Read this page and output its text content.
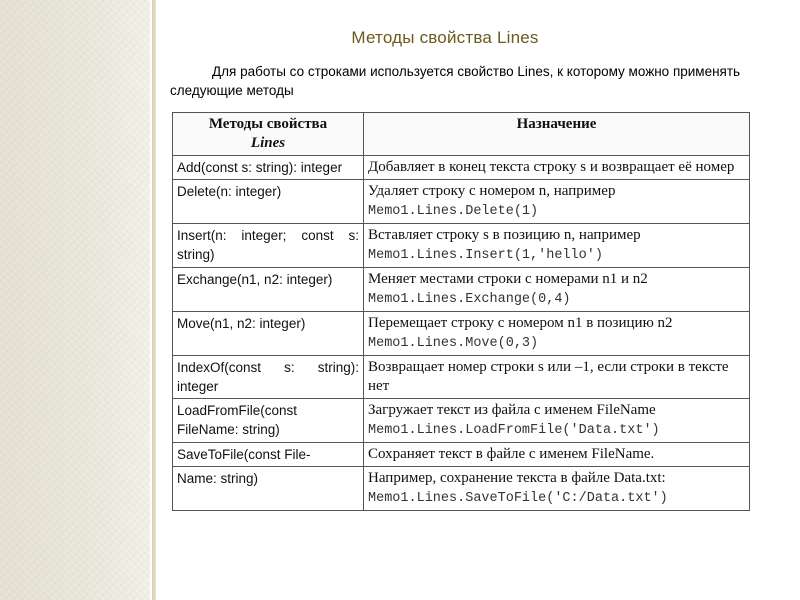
Методы свойства Lines
Для работы со строками используется свойство Lines, к которому можно применять следующие методы
Методы свойства
Lines	Назначение
Add(const s: string): integer	Добавляет в конец текста строку s и возвращает её номер
Delete(n: integer)	Удаляет строку с номером n, например
Memo1.Lines.Delete(1)
Insert(n: integer; const s: string)	Вставляет строку s в позицию n, например
Memo1.Lines.Insert(1,'hello')
Exchange(n1, n2: integer)	Меняет местами строки с номерами n1 и n2
Memo1.Lines.Exchange(0,4)
Move(n1, n2: integer)	Перемещает строку с номером n1 в позицию n2
Memo1.Lines.Move(0,3)
IndexOf(const s: string): integer	Возвращает номер строки s или –1, если строки в тексте нет
LoadFromFile(const FileName: string)	Загружает текст из файла с именем FileName
Memo1.Lines.LoadFromFile('Data.txt')
SaveToFile(const File-	Сохраняет текст в файле с именем FileName.
Name: string)	Например, сохранение текста в файле Data.txt:
Memo1.Lines.SaveToFile('C:/Data.txt')
